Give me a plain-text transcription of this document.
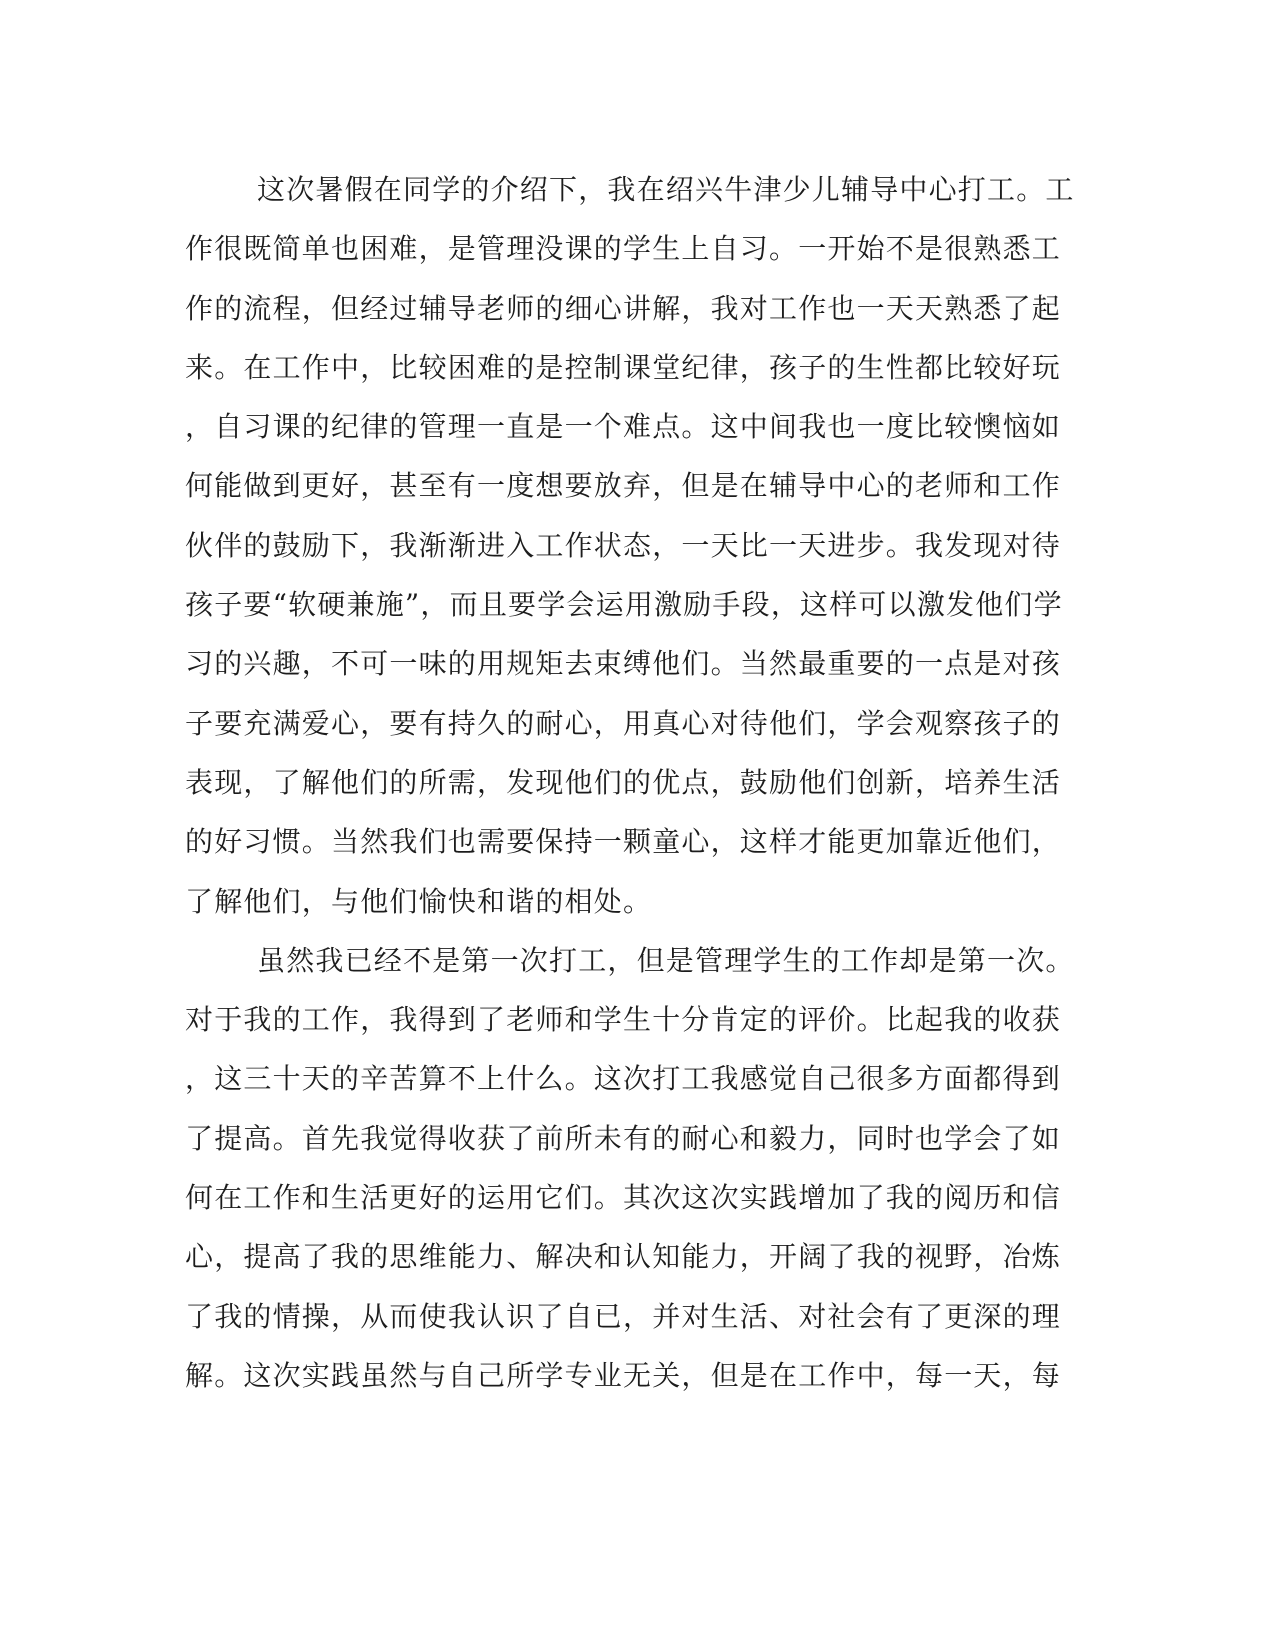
这次暑假在同学的介绍下，我在绍兴牛津少儿辅导中心打工。工
作很既简单也困难，是管理没课的学生上自习。一开始不是很熟悉工
作的流程，但经过辅导老师的细心讲解，我对工作也一天天熟悉了起
来。在工作中，比较困难的是控制课堂纪律，孩子的生性都比较好玩
，自习课的纪律的管理一直是一个难点。这中间我也一度比较懊恼如
何能做到更好，甚至有一度想要放弃，但是在辅导中心的老师和工作
伙伴的鼓励下，我渐渐进入工作状态，一天比一天进步。我发现对待
孩子要“软硬兼施”，而且要学会运用激励手段，这样可以激发他们学
习的兴趣，不可一味的用规矩去束缚他们。当然最重要的一点是对孩
子要充满爱心，要有持久的耐心，用真心对待他们，学会观察孩子的
表现，了解他们的所需，发现他们的优点，鼓励他们创新，培养生活
的好习惯。当然我们也需要保持一颗童心，这样才能更加靠近他们，
了解他们，与他们愉快和谐的相处。
虽然我已经不是第一次打工，但是管理学生的工作却是第一次。
对于我的工作，我得到了老师和学生十分肯定的评价。比起我的收获
，这三十天的辛苦算不上什么。这次打工我感觉自己很多方面都得到
了提高。首先我觉得收获了前所未有的耐心和毅力，同时也学会了如
何在工作和生活更好的运用它们。其次这次实践增加了我的阅历和信
心，提高了我的思维能力、解决和认知能力，开阔了我的视野，冶炼
了我的情操，从而使我认识了自已，并对生活、对社会有了更深的理
解。这次实践虽然与自己所学专业无关，但是在工作中，每一天，每
